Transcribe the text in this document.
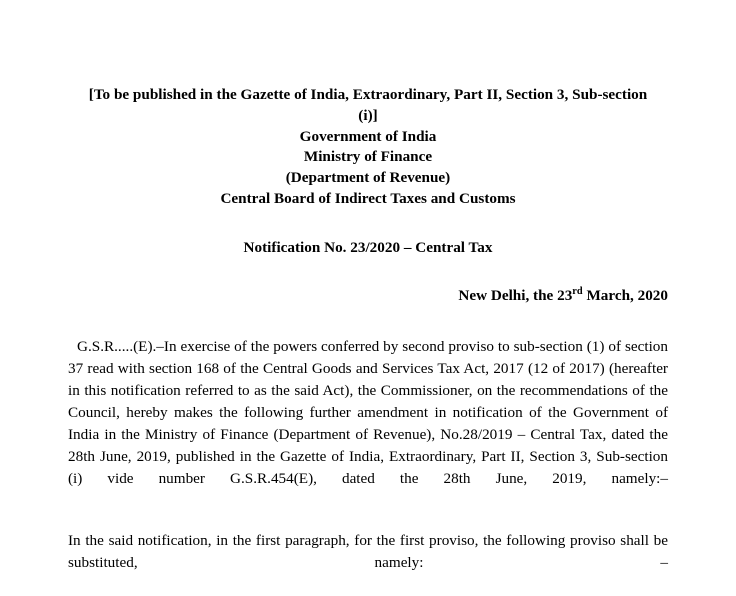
[To be published in the Gazette of India, Extraordinary, Part II, Section 3, Sub-section (i)]
Government of India
Ministry of Finance
(Department of Revenue)
Central Board of Indirect Taxes and Customs
Notification No. 23/2020 – Central Tax
New Delhi, the 23rd March, 2020

G.S.R.....(E).–In exercise of the powers conferred by second proviso to sub-section (1) of section 37 read with section 168 of the Central Goods and Services Tax Act, 2017 (12 of 2017) (hereafter in this notification referred to as the said Act), the Commissioner, on the recommendations of the Council, hereby makes the following further amendment in notification of the Government of India in the Ministry of Finance (Department of Revenue), No.28/2019 – Central Tax, dated the 28th June, 2019, published in the Gazette of India, Extraordinary, Part II, Section 3, Sub-section (i) vide number G.S.R.454(E), dated the 28th June, 2019, namely:–

In the said notification, in the first paragraph, for the first proviso, the following proviso shall be substituted, namely: –
